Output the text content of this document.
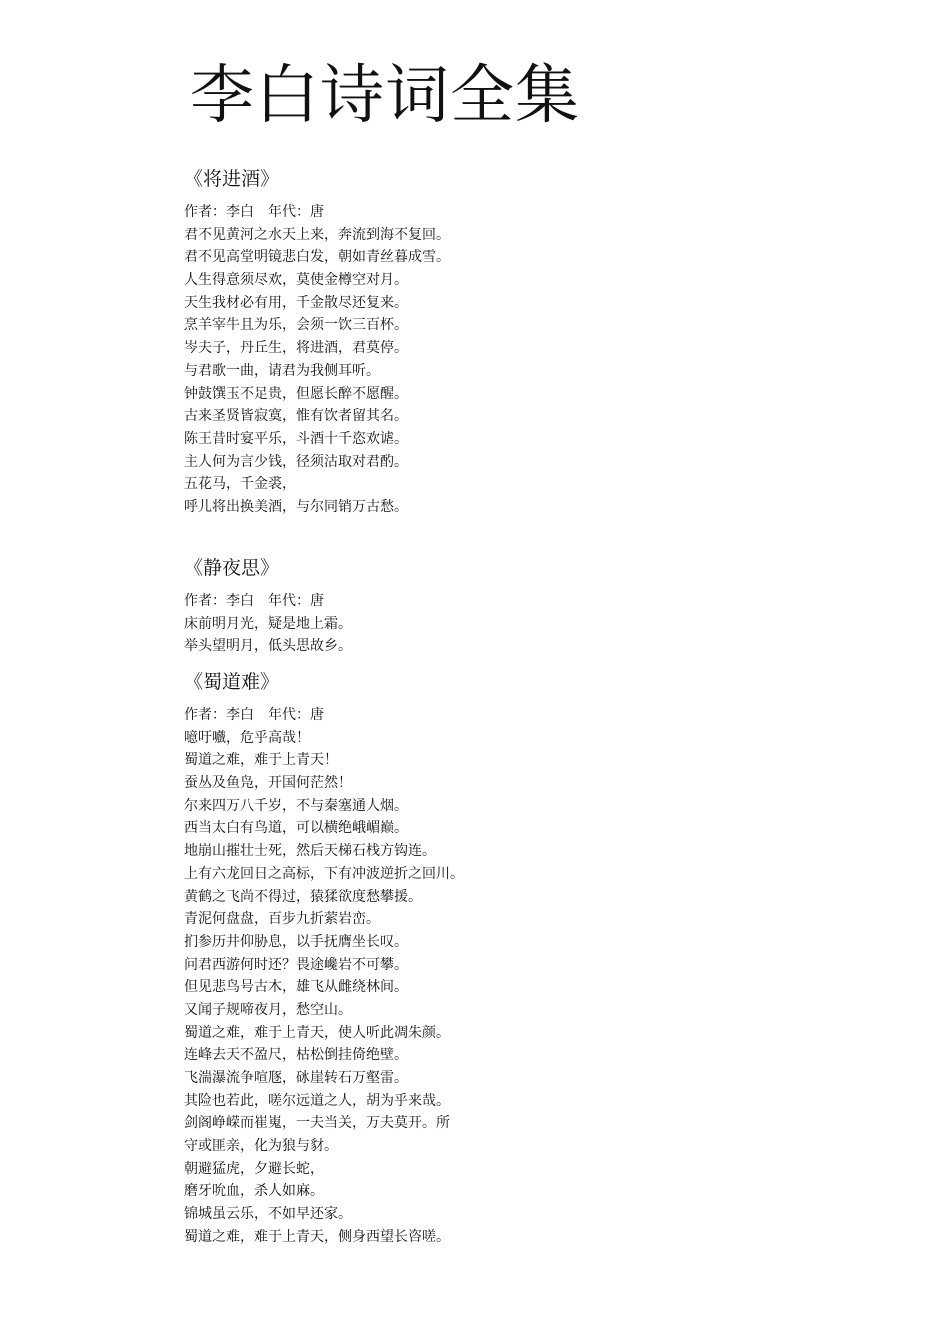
李白诗词全集
《将进酒》
作者：李白　年代：唐
君不见黄河之水天上来，奔流到海不复回。
君不见高堂明镜悲白发，朝如青丝暮成雪。
人生得意须尽欢，莫使金樽空对月。
天生我材必有用，千金散尽还复来。
烹羊宰牛且为乐，会须一饮三百杯。
岑夫子，丹丘生，将进酒，君莫停。
与君歌一曲，请君为我侧耳听。
钟鼓馔玉不足贵，但愿长醉不愿醒。
古来圣贤皆寂寞，惟有饮者留其名。
陈王昔时宴平乐，斗酒十千恣欢谑。
主人何为言少钱，径须沽取对君酌。
五花马，千金裘，
呼儿将出换美酒，与尔同销万古愁。
《静夜思》
作者：李白　年代：唐
床前明月光，疑是地上霜。
举头望明月，低头思故乡。
《蜀道难》
作者：李白　年代：唐
噫吁嚱，危乎高哉！
蜀道之难，难于上青天！
蚕丛及鱼凫，开国何茫然！
尔来四万八千岁，不与秦塞通人烟。
西当太白有鸟道，可以横绝峨嵋巅。
地崩山摧壮士死，然后天梯石栈方钩连。
上有六龙回日之高标，下有冲波逆折之回川。
黄鹤之飞尚不得过，猿猱欲度愁攀援。
青泥何盘盘，百步九折萦岩峦。
扪参历井仰胁息，以手抚膺坐长叹。
问君西游何时还？畏途巉岩不可攀。
但见悲鸟号古木，雄飞从雌绕林间。
又闻子规啼夜月，愁空山。
蜀道之难，难于上青天，使人听此凋朱颜。
连峰去天不盈尺，枯松倒挂倚绝壁。
飞湍瀑流争喧豗，砯崖转石万壑雷。
其险也若此，嗟尔远道之人，胡为乎来哉。
剑阁峥嵘而崔嵬，一夫当关，万夫莫开。所
守或匪亲，化为狼与豺。
朝避猛虎，夕避长蛇，
磨牙吮血，杀人如麻。
锦城虽云乐，不如早还家。
蜀道之难，难于上青天，侧身西望长咨嗟。
